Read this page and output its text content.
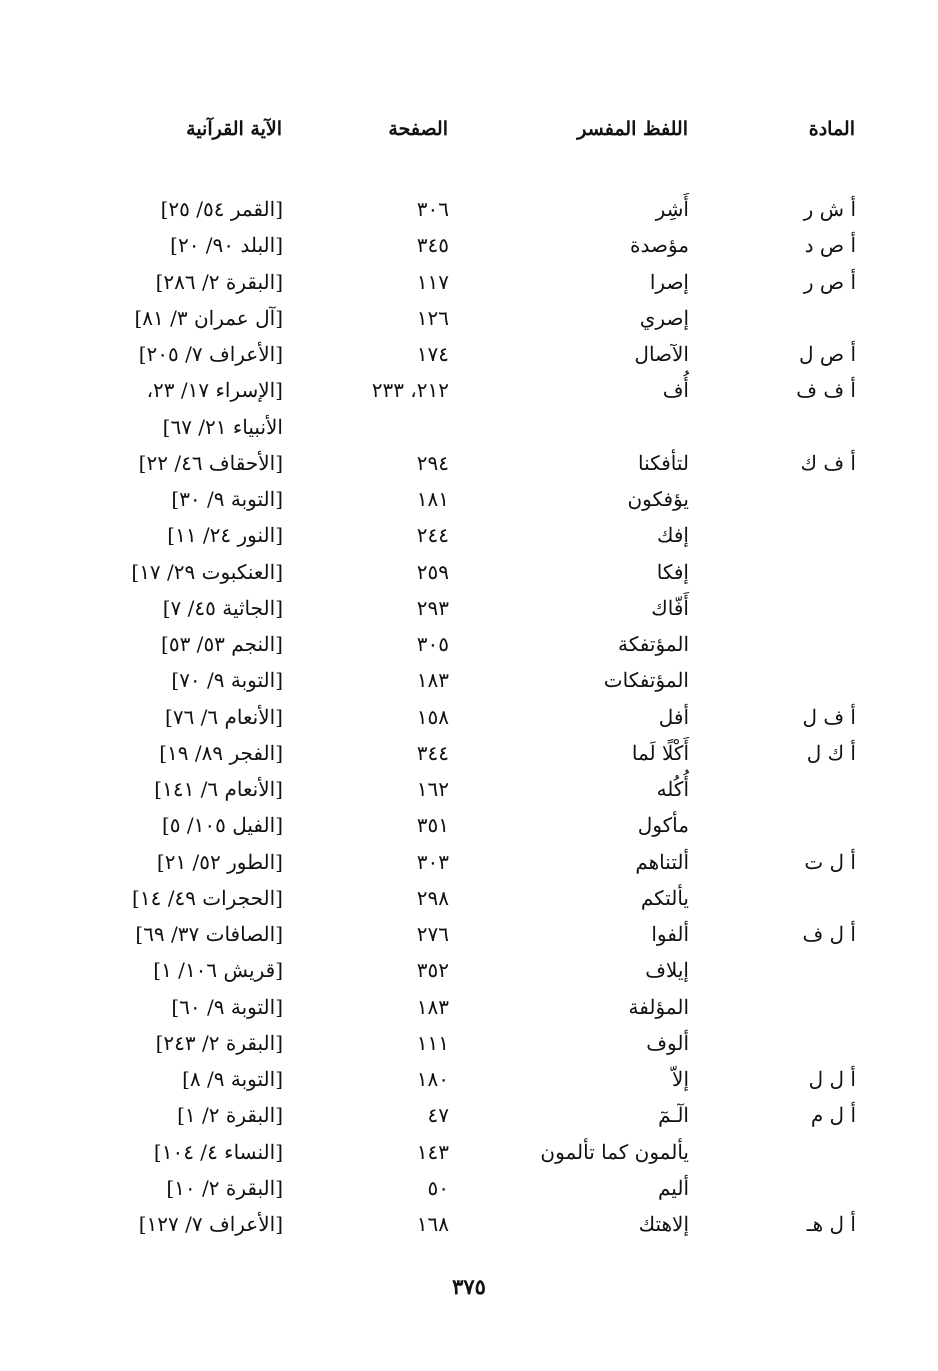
المادة
اللفظ المفسر
الصفحة
الآية القرآنية
أ ش ر
أَشِر
٣٠٦
[القمر ٥٤/ ٢٥]
أ ص د
مؤصدة
٣٤٥
[البلد ٩٠/ ٢٠]
أ ص ر
إصرا
١١٧
[البقرة ٢/ ٢٨٦]
إصري
١٢٦
[آل عمران ٣/ ٨١]
أ ص ل
الآصال
١٧٤
[الأعراف ٧/ ٢٠٥]
أ ف ف
أُف
٢١٢، ٢٣٣
[الإسراء ١٧/ ٢٣،
الأنبياء ٢١/ ٦٧]
أ ف ك
لتأفكنا
٢٩٤
[الأحقاف ٤٦/ ٢٢]
يؤفكون
١٨١
[التوبة ٩/ ٣٠]
إفك
٢٤٤
[النور ٢٤/ ١١]
إفكا
٢٥٩
[العنكبوت ٢٩/ ١٧]
أَفّاك
٢٩٣
[الجاثية ٤٥/ ٧]
المؤتفكة
٣٠٥
[النجم ٥٣/ ٥٣]
المؤتفكات
١٨٣
[التوبة ٩/ ٧٠]
أ ف ل
أفل
١٥٨
[الأنعام ٦/ ٧٦]
أ ك ل
أَكْلًا لَما
٣٤٤
[الفجر ٨٩/ ١٩]
أُكُله
١٦٢
[الأنعام ٦/ ١٤١]
مأكول
٣٥١
[الفيل ١٠٥/ ٥]
أ ل ت
ألتناهم
٣٠٣
[الطور ٥٢/ ٢١]
يألتكم
٢٩٨
[الحجرات ٤٩/ ١٤]
أ ل ف
ألفوا
٢٧٦
[الصافات ٣٧/ ٦٩]
إيلاف
٣٥٢
[قريش ١٠٦/ ١]
المؤلفة
١٨٣
[التوبة ٩/ ٦٠]
ألوف
١١١
[البقرة ٢/ ٢٤٣]
أ ل ل
إلاّ
١٨٠
[التوبة ٩/ ٨]
أ ل م
الٓـمٓ
٤٧
[البقرة ٢/ ١]
يألمون كما تألمون
١٤٣
[النساء ٤/ ١٠٤]
أليم
٥٠
[البقرة ٢/ ١٠]
أ ل هـ
إلاهتك
١٦٨
[الأعراف ٧/ ١٢٧]
٣٧٥
